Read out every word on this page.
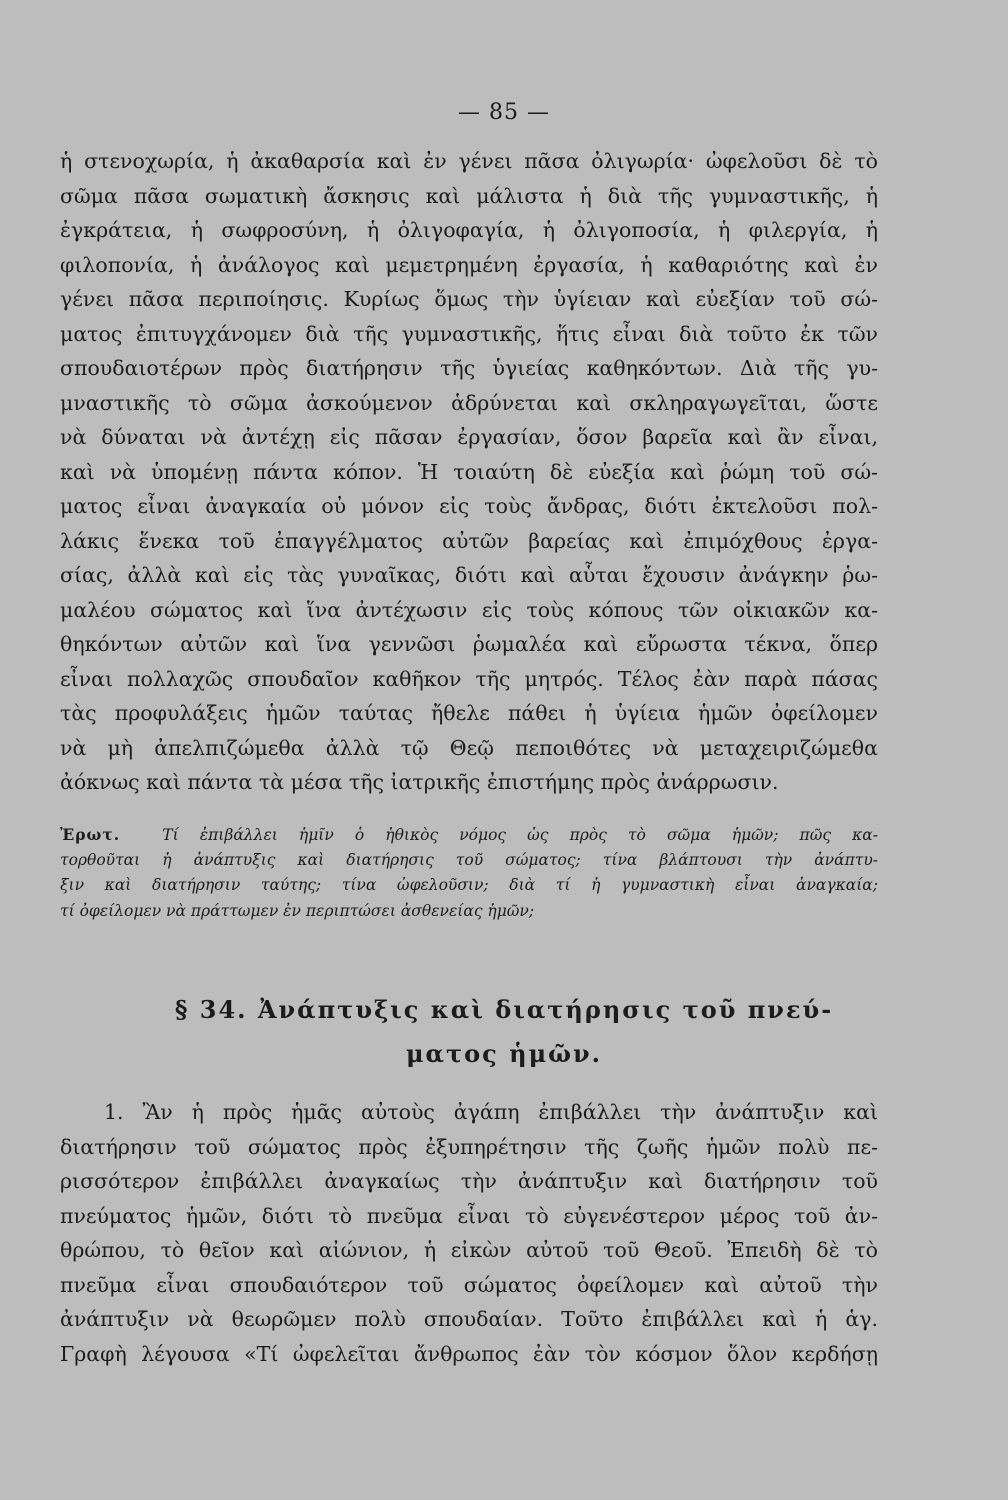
— 85 —
ἡ στενοχωρία, ἡ ἀκαθαρσία καὶ ἐν γένει πᾶσα ὀλιγωρία· ὠφελοῦσι δὲ τὸ
σῶμα πᾶσα σωματικὴ ἄσκησις καὶ μάλιστα ἡ διὰ τῆς γυμναστικῆς, ἡ
ἐγκράτεια, ἡ σωφροσύνη, ἡ ὀλιγοφαγία, ἡ ὀλιγοποσία, ἡ φιλεργία, ἡ
φιλοπονία, ἡ ἀνάλογος καὶ μεμετρημένη ἐργασία, ἡ καθαριότης καὶ ἐν
γένει πᾶσα περιποίησις. Κυρίως ὅμως τὴν ὑγίειαν καὶ εὐεξίαν τοῦ σώ-
ματος ἐπιτυγχάνομεν διὰ τῆς γυμναστικῆς, ἥτις εἶναι διὰ τοῦτο ἐκ τῶν
σπουδαιοτέρων πρὸς διατήρησιν τῆς ὑγιείας καθηκόντων. Διὰ τῆς γυ-
μναστικῆς τὸ σῶμα ἀσκούμενον ἁδρύνεται καὶ σκληραγωγεῖται, ὥστε
νὰ δύναται νὰ ἀντέχῃ εἰς πᾶσαν ἐργασίαν, ὅσον βαρεῖα καὶ ἂν εἶναι,
καὶ νὰ ὑπομένῃ πάντα κόπον. Ἡ τοιαύτη δὲ εὐεξία καὶ ῥώμη τοῦ σώ-
ματος εἶναι ἀναγκαία οὐ μόνον εἰς τοὺς ἄνδρας, διότι ἐκτελοῦσι πολ-
λάκις ἕνεκα τοῦ ἐπαγγέλματος αὐτῶν βαρείας καὶ ἐπιμόχθους ἐργα-
σίας, ἀλλὰ καὶ εἰς τὰς γυναῖκας, διότι καὶ αὗται ἔχουσιν ἀνάγκην ῥω-
μαλέου σώματος καὶ ἵνα ἀντέχωσιν εἰς τοὺς κόπους τῶν οἰκιακῶν κα-
θηκόντων αὐτῶν καὶ ἵνα γεννῶσι ῥωμαλέα καὶ εὔρωστα τέκνα, ὅπερ
εἶναι πολλαχῶς σπουδαῖον καθῆκον τῆς μητρός. Τέλος ἐὰν παρὰ πάσας
τὰς προφυλάξεις ἡμῶν ταύτας ἤθελε πάθει ἡ ὑγίεια ἡμῶν ὀφείλομεν
νὰ μὴ ἀπελπιζώμεθα ἀλλὰ τῷ Θεῷ πεποιθότες νὰ μεταχειριζώμεθα
ἀόκνως καὶ πάντα τὰ μέσα τῆς ἰατρικῆς ἐπιστήμης πρὸς ἀνάρρωσιν.
Ἐρωτ.	Τί ἐπιβάλλει ἡμῖν ὁ ἠθικὸς νόμος ὡς πρὸς τὸ σῶμα ἡμῶν; πῶς κα-
τορθοῦται ἡ ἀνάπτυξις καὶ διατήρησις τοῦ σώματος; τίνα βλάπτουσι τὴν ἀνάπτυ-
ξιν καὶ διατήρησιν ταύτης; τίνα ὠφελοῦσιν; διὰ τί ἡ γυμναστικὴ εἶναι ἀναγκαία;
τί ὀφείλομεν νὰ πράττωμεν ἐν περιπτώσει ἀσθενείας ἡμῶν;
§ 34. Ἀνάπτυξις καὶ διατήρησις τοῦ πνεύ-
ματος ἡμῶν.
1. Ἂν ἡ πρὸς ἡμᾶς αὐτοὺς ἀγάπη ἐπιβάλλει τὴν ἀνάπτυξιν καὶ
διατήρησιν τοῦ σώματος πρὸς ἐξυπηρέτησιν τῆς ζωῆς ἡμῶν πολὺ πε-
ρισσότερον ἐπιβάλλει ἀναγκαίως τὴν ἀνάπτυξιν καὶ διατήρησιν τοῦ
πνεύματος ἡμῶν, διότι τὸ πνεῦμα εἶναι τὸ εὐγενέστερον μέρος τοῦ ἀν-
θρώπου, τὸ θεῖον καὶ αἰώνιον, ἡ εἰκὼν αὐτοῦ τοῦ Θεοῦ. Ἐπειδὴ δὲ τὸ
πνεῦμα εἶναι σπουδαιότερον τοῦ σώματος ὀφείλομεν καὶ αὐτοῦ τὴν
ἀνάπτυξιν νὰ θεωρῶμεν πολὺ σπουδαίαν. Τοῦτο ἐπιβάλλει καὶ ἡ ἁγ.
Γραφὴ λέγουσα «Τί ὠφελεῖται ἄνθρωπος ἐὰν τὸν κόσμον ὅλον κερδήσῃ
